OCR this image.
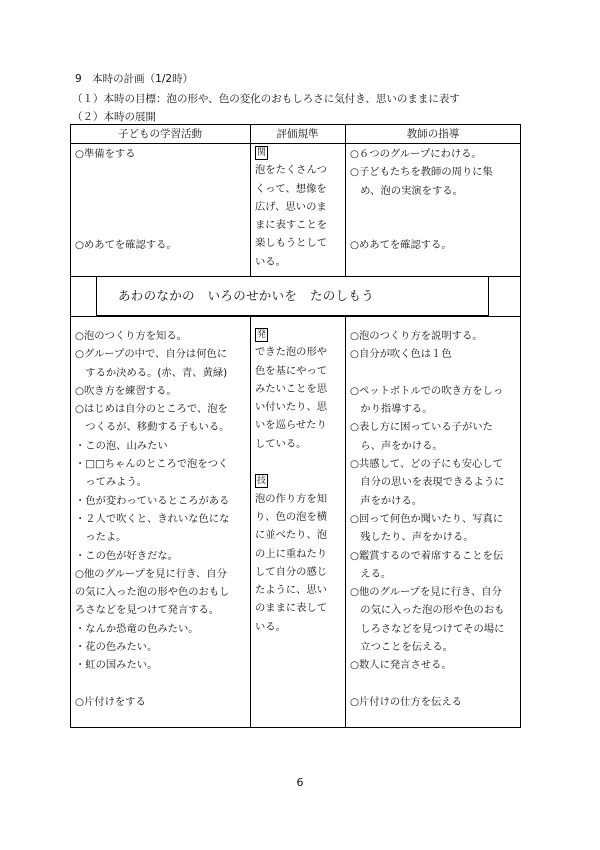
9　本時の計画（1/2時）
（１）本時の目標：泡の形や、色の変化のおもしろさに気付き、思いのままに表す
（２）本時の展開
子どもの学習活動	評価規準	教師の指導
○準備をする
○めあてを確認する。
関
泡をたくさんつ
くって、想像を
広げ、思いのま
まに表すことを
楽しもうとして
いる。
○６つのグループにわける。
○子どもたちを教師の周りに集
　め、泡の実演をする。
○めあてを確認する。
あわのなかの　いろのせかいを　たのしもう
○泡のつくり方を知る。
○グループの中で、自分は何色に
　するか決める。(赤、青、黄緑)
○吹き方を練習する。
○はじめは自分のところで、泡を
　つくるが、移動する子もいる。
・この泡、山みたい
・□□ちゃんのところで泡をつく
　ってみよう。
・色が変わっているところがある
・２人で吹くと、きれいな色にな
　ったよ。
・この色が好きだな。
○他のグループを見に行き、自分
の気に入った泡の形や色のおもし
ろさなどを見つけて発言する。
・なんか恐竜の色みたい。
・花の色みたい。
・虹の国みたい。
○片付けをする
発
できた泡の形や
色を基にやって
みたいことを思
い付いたり、思
いを巡らせたり
している。
技
泡の作り方を知
り、色の泡を横
に並べたり、泡
の上に重ねたり
して自分の感じ
たように、思い
のままに表して
いる。
○泡のつくり方を説明する。
○自分が吹く色は１色
○ペットボトルでの吹き方をしっ
　かり指導する。
○表し方に困っている子がいた
　ら、声をかける。
○共感して、どの子にも安心して
　自分の思いを表現できるように
　声をかける。
○回って何色か聞いたり、写真に
　残したり、声をかける。
○鑑賞するので着席することを伝
　える。
○他のグループを見に行き、自分
　の気に入った泡の形や色のおも
　しろさなどを見つけてその場に
　立つことを伝える。
○数人に発言させる。
○片付けの仕方を伝える
6
